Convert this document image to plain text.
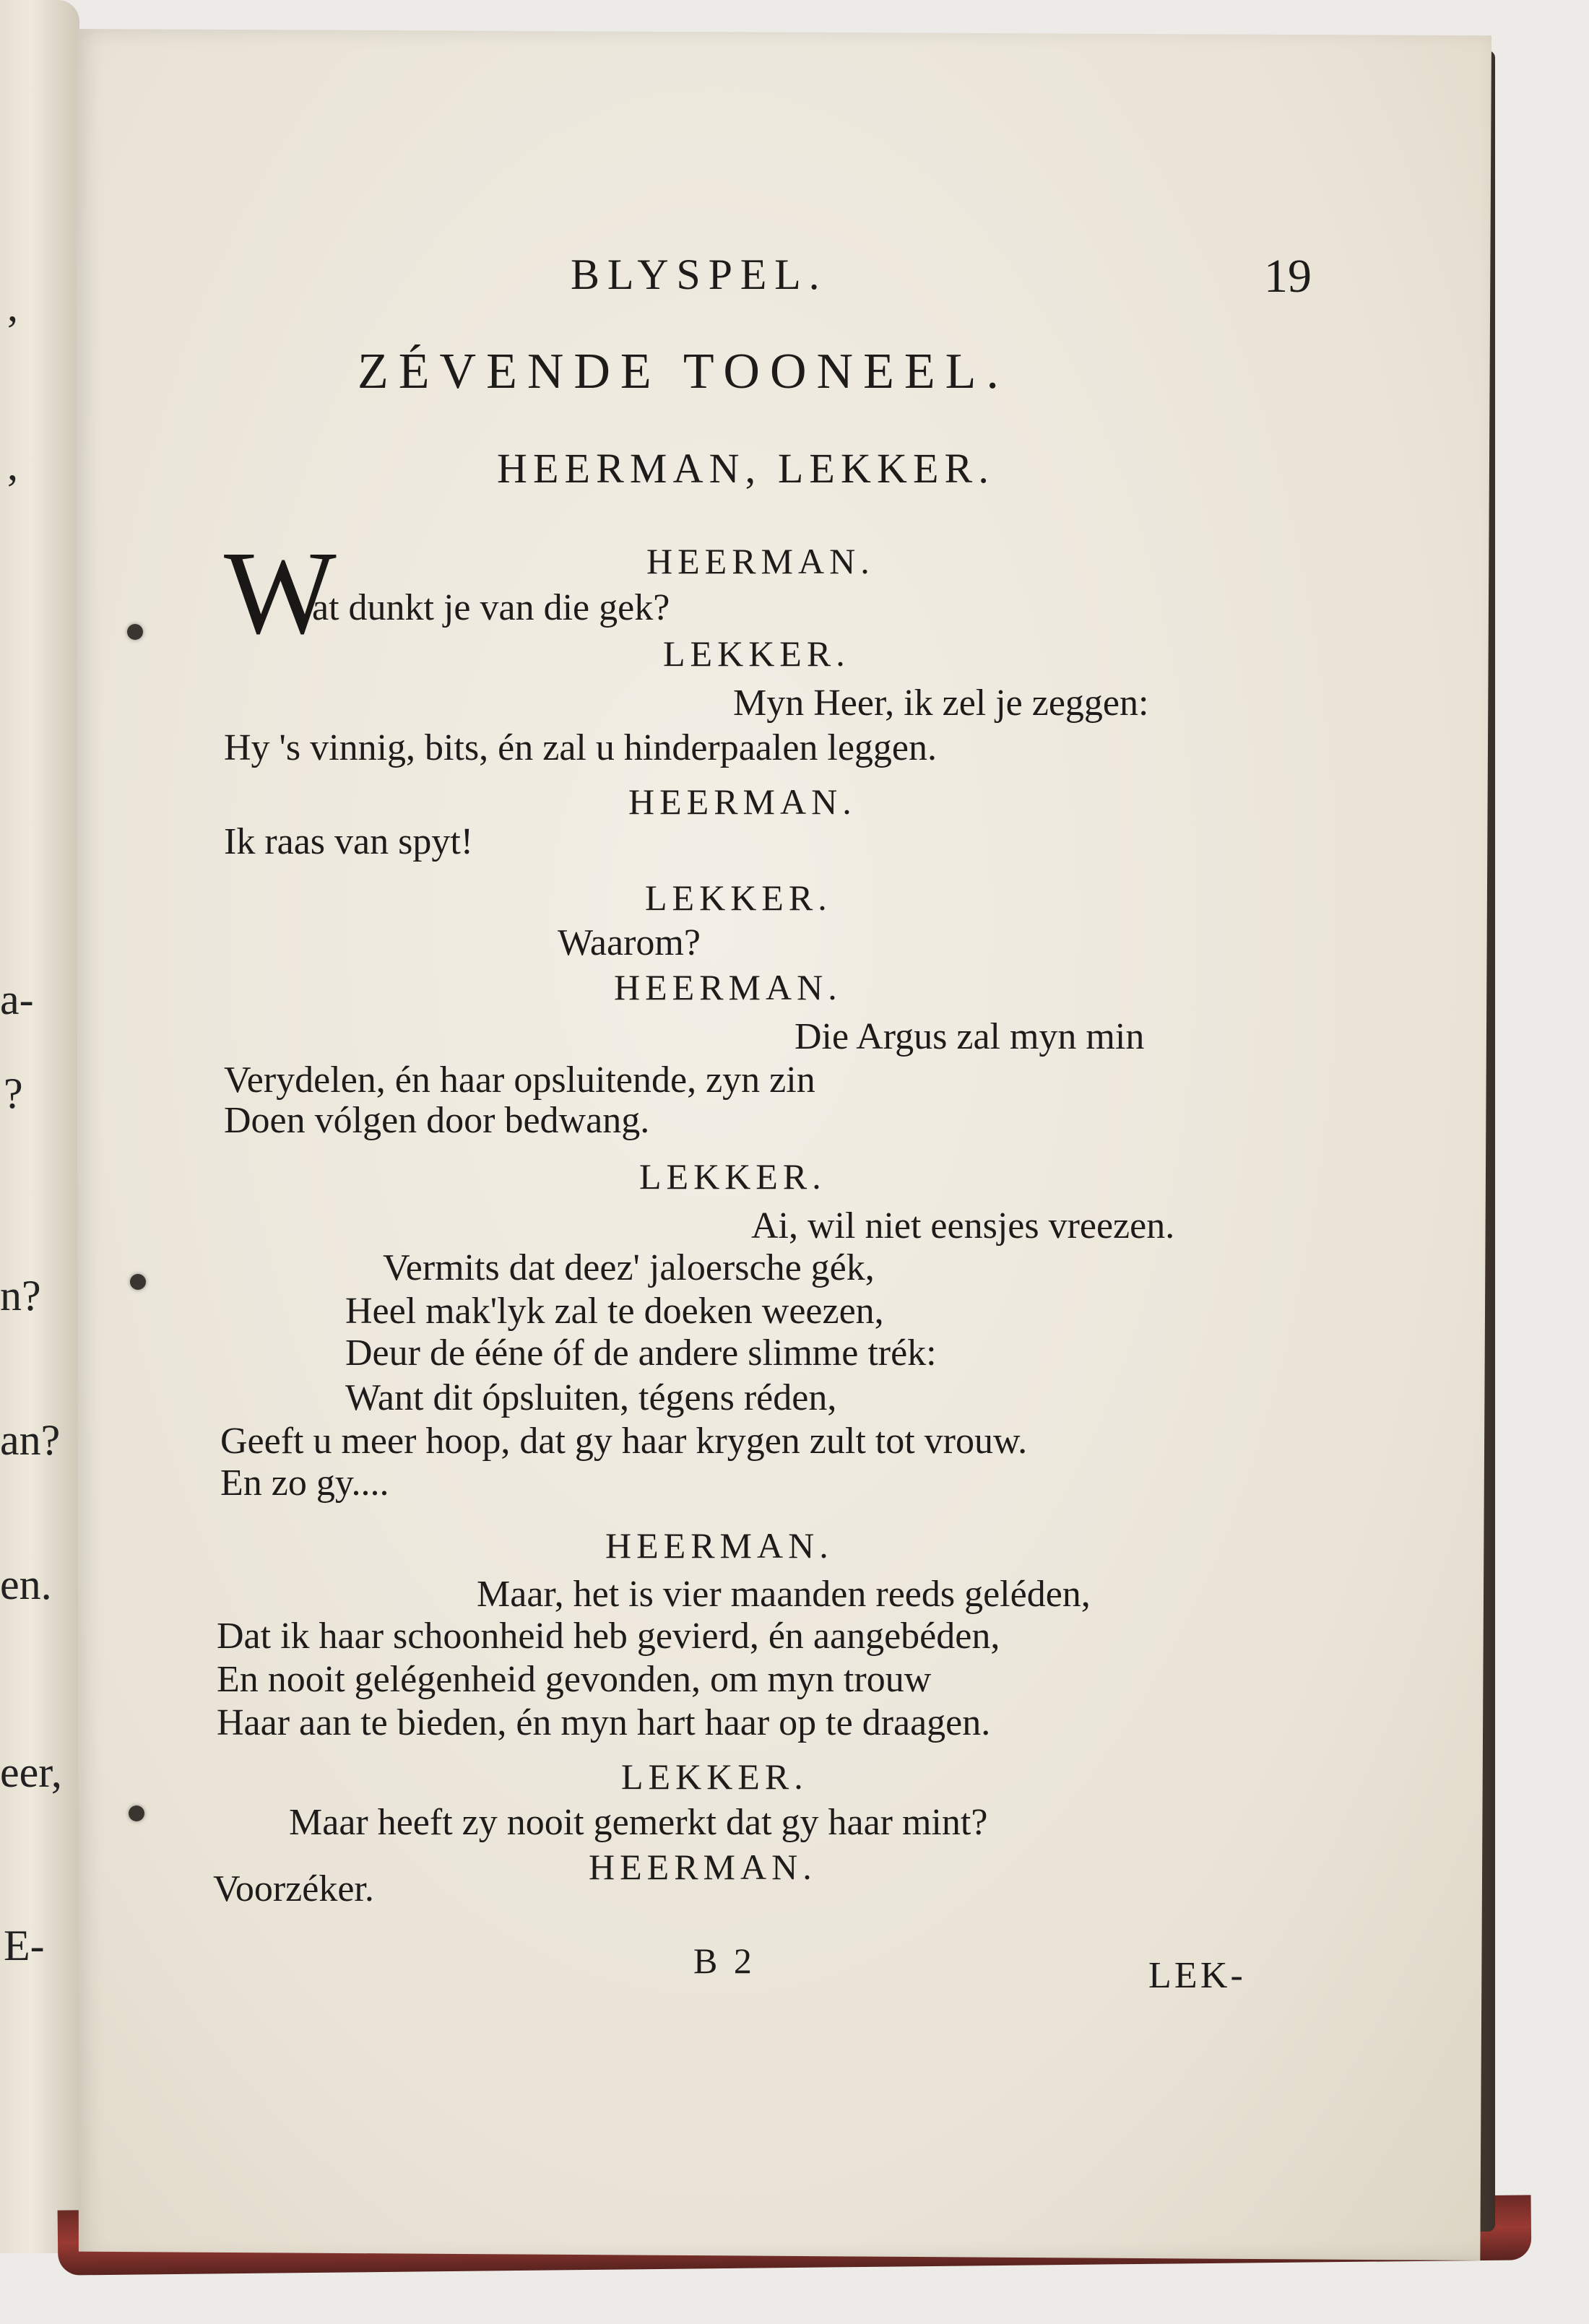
,
,
a-
?
n?
an?
en.
eer,
E-
BLYSPEL.	19
ZÉVENDE TOONEEL.
HEERMAN, LEKKER.
W	HEERMAN.
at dunkt je van die gek?
LEKKER.
Myn Heer, ik zel je zeggen:
Hy 's vinnig, bits, én zal u hinderpaalen leggen.
HEERMAN.
Ik raas van spyt!
LEKKER.
Waarom?
HEERMAN.
Die Argus zal myn min
Verydelen, én haar opsluitende, zyn zin
Doen vólgen door bedwang.
LEKKER.
Ai, wil niet eensjes vreezen.
Vermits dat deez' jaloersche gék,
Heel mak'lyk zal te doeken weezen,
Deur de ééne óf de andere slimme trék:
Want dit ópsluiten, tégens réden,
Geeft u meer hoop, dat gy haar krygen zult tot vrouw.
En zo gy....
HEERMAN.
Maar, het is vier maanden reeds geléden,
Dat ik haar schoonheid heb gevierd, én aangebéden,
En nooit gelégenheid gevonden, om myn trouw
Haar aan te bieden, én myn hart haar op te draagen.
LEKKER.
Maar heeft zy nooit gemerkt dat gy haar mint?
HEERMAN.
Voorzéker.
B 2	LEK-
